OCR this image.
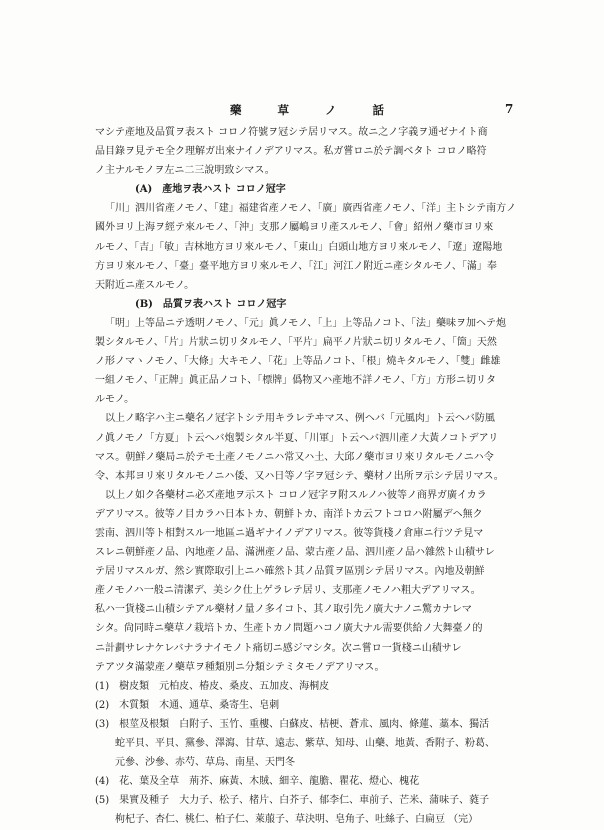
藥 草 ノ 話	7
マシテ產地及品質ヲ表スト コロノ符號ヲ冠シテ居リマス。故ニ之ノ字義ヲ通ゼナイト商
品目錄ヲ見テモ全ク理解ガ出來ナイノデアリマス。私ガ嘗ロニ於テ調ベタト コロノ略符
ノ主ナルモノヲ左ニ二三說明致シマス。
(A)　產地ヲ表ハスト コロノ冠字
「川」泗川省產ノモノ、「建」福建省產ノモノ、「廣」廣西省產ノモノ、「洋」主トシテ南方ノ
國外ヨリ上海ヲ經テ來ルモノ、「沖」支那ノ屬嶋ヨリ產スルモノ、「會」紹州ノ藥市ヨリ來
ルモノ、「吉」「敏」吉林地方ヨリ來ルモノ、「東山」白頭山地方ヨリ來ルモノ、「遼」遼陽地
方ヨリ來ルモノ、「臺」臺平地方ヨリ來ルモノ、「江」河江ノ附近ニ產シタルモノ、「滿」奉
天附近ニ產スルモノ。
(B)　品質ヲ表ハスト コロノ冠字
「明」上等品ニテ透明ノモノ、「元」眞ノモノ、「上」上等品ノコト、「法」藥味ヲ加ヘテ炮
製シタルモノ、「片」片狀ニ切リタルモノ、「平片」扁平ノ片狀ニ切リタルモノ、「箇」天然
ノ形ノマヽノモノ、「大條」大キモノ、「花」上等品ノコト、「根」燒キタルモノ、「雙」雌雄
一組ノモノ、「正牌」眞正品ノコト、「標牌」僞物又ハ產地不詳ノモノ、「方」方形ニ切リタ
ルモノ。
以上ノ略字ハ主ニ藥名ノ冠字トシテ用キラレテヰマス、例ヘバ「元風肉」ト云ヘバ防風
ノ眞ノモノ「方夏」ト云ヘバ炮製シタル半夏、「川軍」ト云ヘバ泗川產ノ大黃ノコトデアリ
マス。朝鮮ノ藥局ニ於テモ土產ノモノニハ常又ハ土、大邱ノ藥市ヨリ來リタルモノニハ令
令、本邦ヨリ來リタルモノニハ倭、又ハ日等ノ字ヲ冠シテ、藥材ノ出所ヲ示シテ居リマス。
以上ノ如ク各藥材ニ必ズ產地ヲ示スト コロノ冠字ヲ附スルノハ彼等ノ商界ガ廣イカラ
デアリマス。彼等ノ目カラハ日本トカ、朝鮮トカ、南洋トカ云フトコロハ附屬デヘ無ク
雲南、泗川等ト相對スル一地區ニ過ギナイノデアリマス。彼等貨棧ノ倉庫ニ行ツテ見マ
スレニ朝鮮產ノ品、內地產ノ品、滿洲產ノ品、蒙古產ノ品、泗川產ノ品ハ雜然ト山積サレ
テ居リマスルガ、然シ實際取引上ニハ確然ト其ノ品質ヲ區別シテ居リマス。內地及朝鮮
產ノモノハ一般ニ清潔デ、美シク仕上ゲラレテ居リ、支那產ノモノハ粗大デアリマス。
私ハ一貨棧ニ山積シテアル藥材ノ量ノ多イコト、其ノ取引先ノ廣大ナノニ驚カナレマ
シタ。尙同時ニ藥草ノ栽培トカ、生產トカノ問題ハコノ廣大ナル需要供給ノ大舞臺ノ的
ニ計劃サレナケレバナラナイモノト痛切ニ感ジマシタ。次ニ嘗ロ一貨棧ニ山積サレ
テアツタ滿蒙產ノ藥草ヲ種類別ニ分類シテミタモノデアリマス。
(1)　樹皮類　元柏皮、椿皮、桑皮、五加皮、海桐皮
(2)　木質類　木通、通草、桑寄生、皂刺
(3)　根莖及根類　白附子、玉竹、重樓、白蘇皮、桔梗、蒼朮、風肉、條蓮、藁本、獨活
　　蛇平貝、平貝、黨參、澤瀉、甘草、遠志、紫草、知母、山藥、地黃、香附子、粉葛、
　　元參、沙參、赤芍、草烏、南星、天門冬
(4)　花、葉及全草　荊芥、麻黃、木賊、細辛、龍膽、瞿花、燈心、槐花
(5)　果實及種子　大力子、松子、楮片、白芥子、郁李仁、車前子、芒米、蒲味子、蕤子
　　枸杞子、杏仁、桃仁、柏子仁、萊菔子、草決明、皂角子、吐絲子、白扁豆 （完）
